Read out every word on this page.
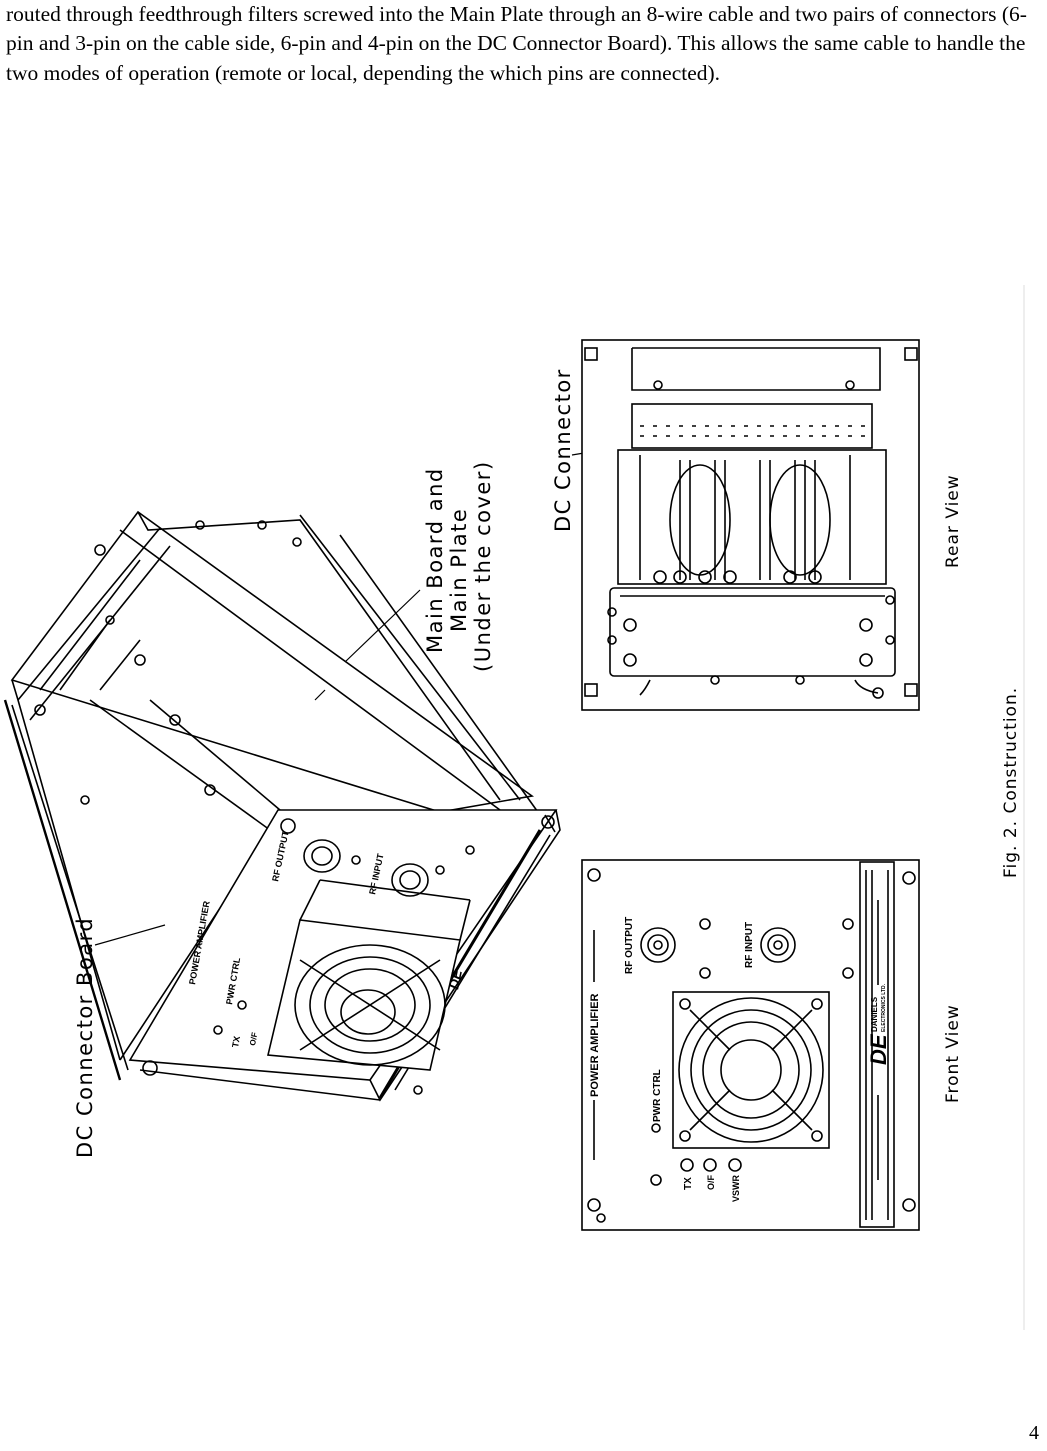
routed through feedthrough filters screwed into the Main Plate through an 8-wire cable and two pairs of connectors (6-pin and 3-pin on the cable side, 6-pin and 4-pin on the DC Connector Board). This allows the same cable to handle the two modes of operation (remote or local, depending the which pins are connected).

RF OUTPUT	RF INPUT
POWER AMPLIFIER PWR CTRL
TX O/F
DE
DC Connector Board
Main Board and Main Plate (Under the cover)
DC Connector	Rear View
POWER AMPLIFIER
RF OUTPUT	RF INPUT
PWR CTRL
TX O/F VSWR
DE
DANIELS ELECTRONICS LTD.	Front View
Fig. 2. Construction.
4
